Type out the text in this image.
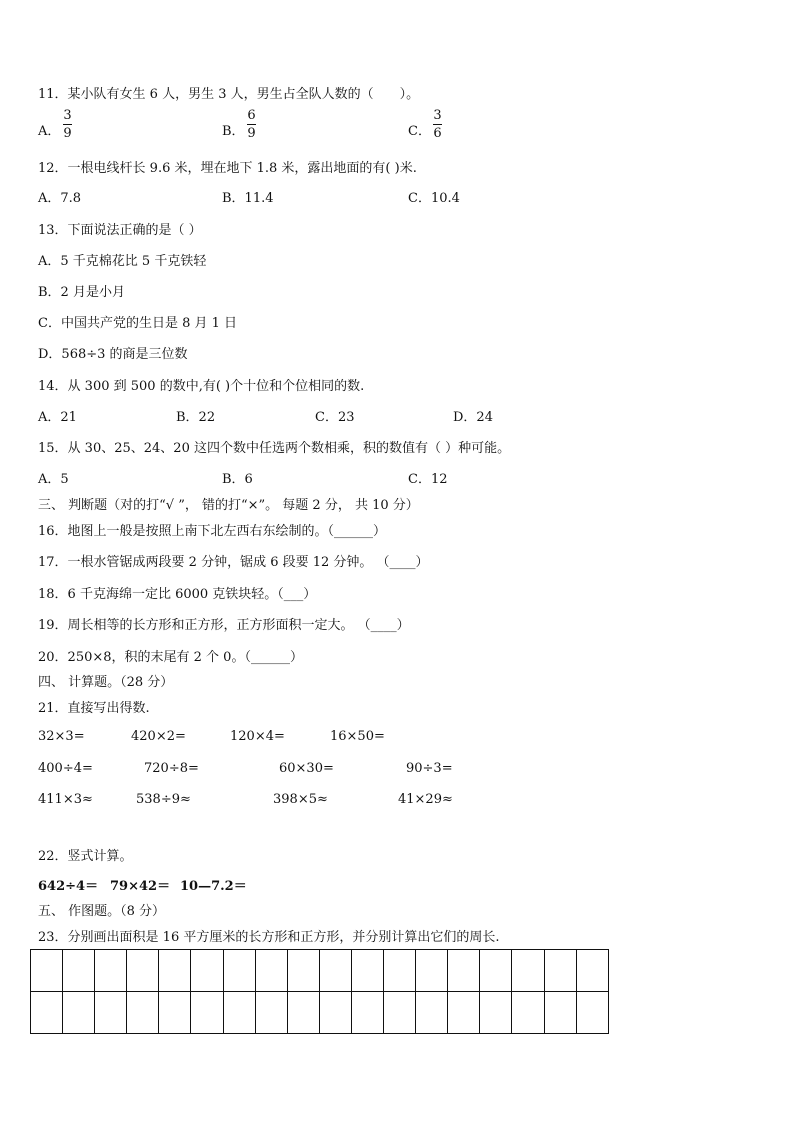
11．某小队有女生 6 人，男生 3 人，男生占全队人数的（　　）。
A．
3
9	B．
6
9	C．
3
6
12．一根电线杆长 9.6 米，埋在地下 1.8 米，露出地面的有( )米.
A．7.8	B．11.4	C．10.4
13．下面说法正确的是（ ）
A．5 千克棉花比 5 千克铁轻
B．2 月是小月
C．中国共产党的生日是 8 月 1 日
D．568÷3 的商是三位数
14．从 300 到 500 的数中,有( )个十位和个位相同的数.
A．21	B．22	C．23	D．24
15．从 30、25、24、20 这四个数中任选两个数相乘，积的数值有（ ）种可能。
A．5	B．6	C．12
三、 判断题（对的打“√ ”， 错的打“×”。 每题 2 分， 共 10 分）
16．地图上一般是按照上南下北左西右东绘制的。（______）
17．一根水管锯成两段要 2 分钟，锯成 6 段要 12 分钟。 （____）
18．6 千克海绵一定比 6000 克铁块轻。（___）
19．周长相等的长方形和正方形，正方形面积一定大。 （____）
20．250×8，积的末尾有 2 个 0。（______）
四、 计算题。（28 分）
21．直接写出得数.
32×3=	420×2=	120×4=	16×50=
400÷4=	720÷8=	60×30=	90÷3=
411×3≈	538÷9≈	398×5≈	41×29≈
22．竖式计算。
642÷4＝ 79×42＝ 10—7.2＝
五、 作图题。（8 分）
23．分别画出面积是 16 平方厘米的长方形和正方形，并分别计算出它们的周长.
